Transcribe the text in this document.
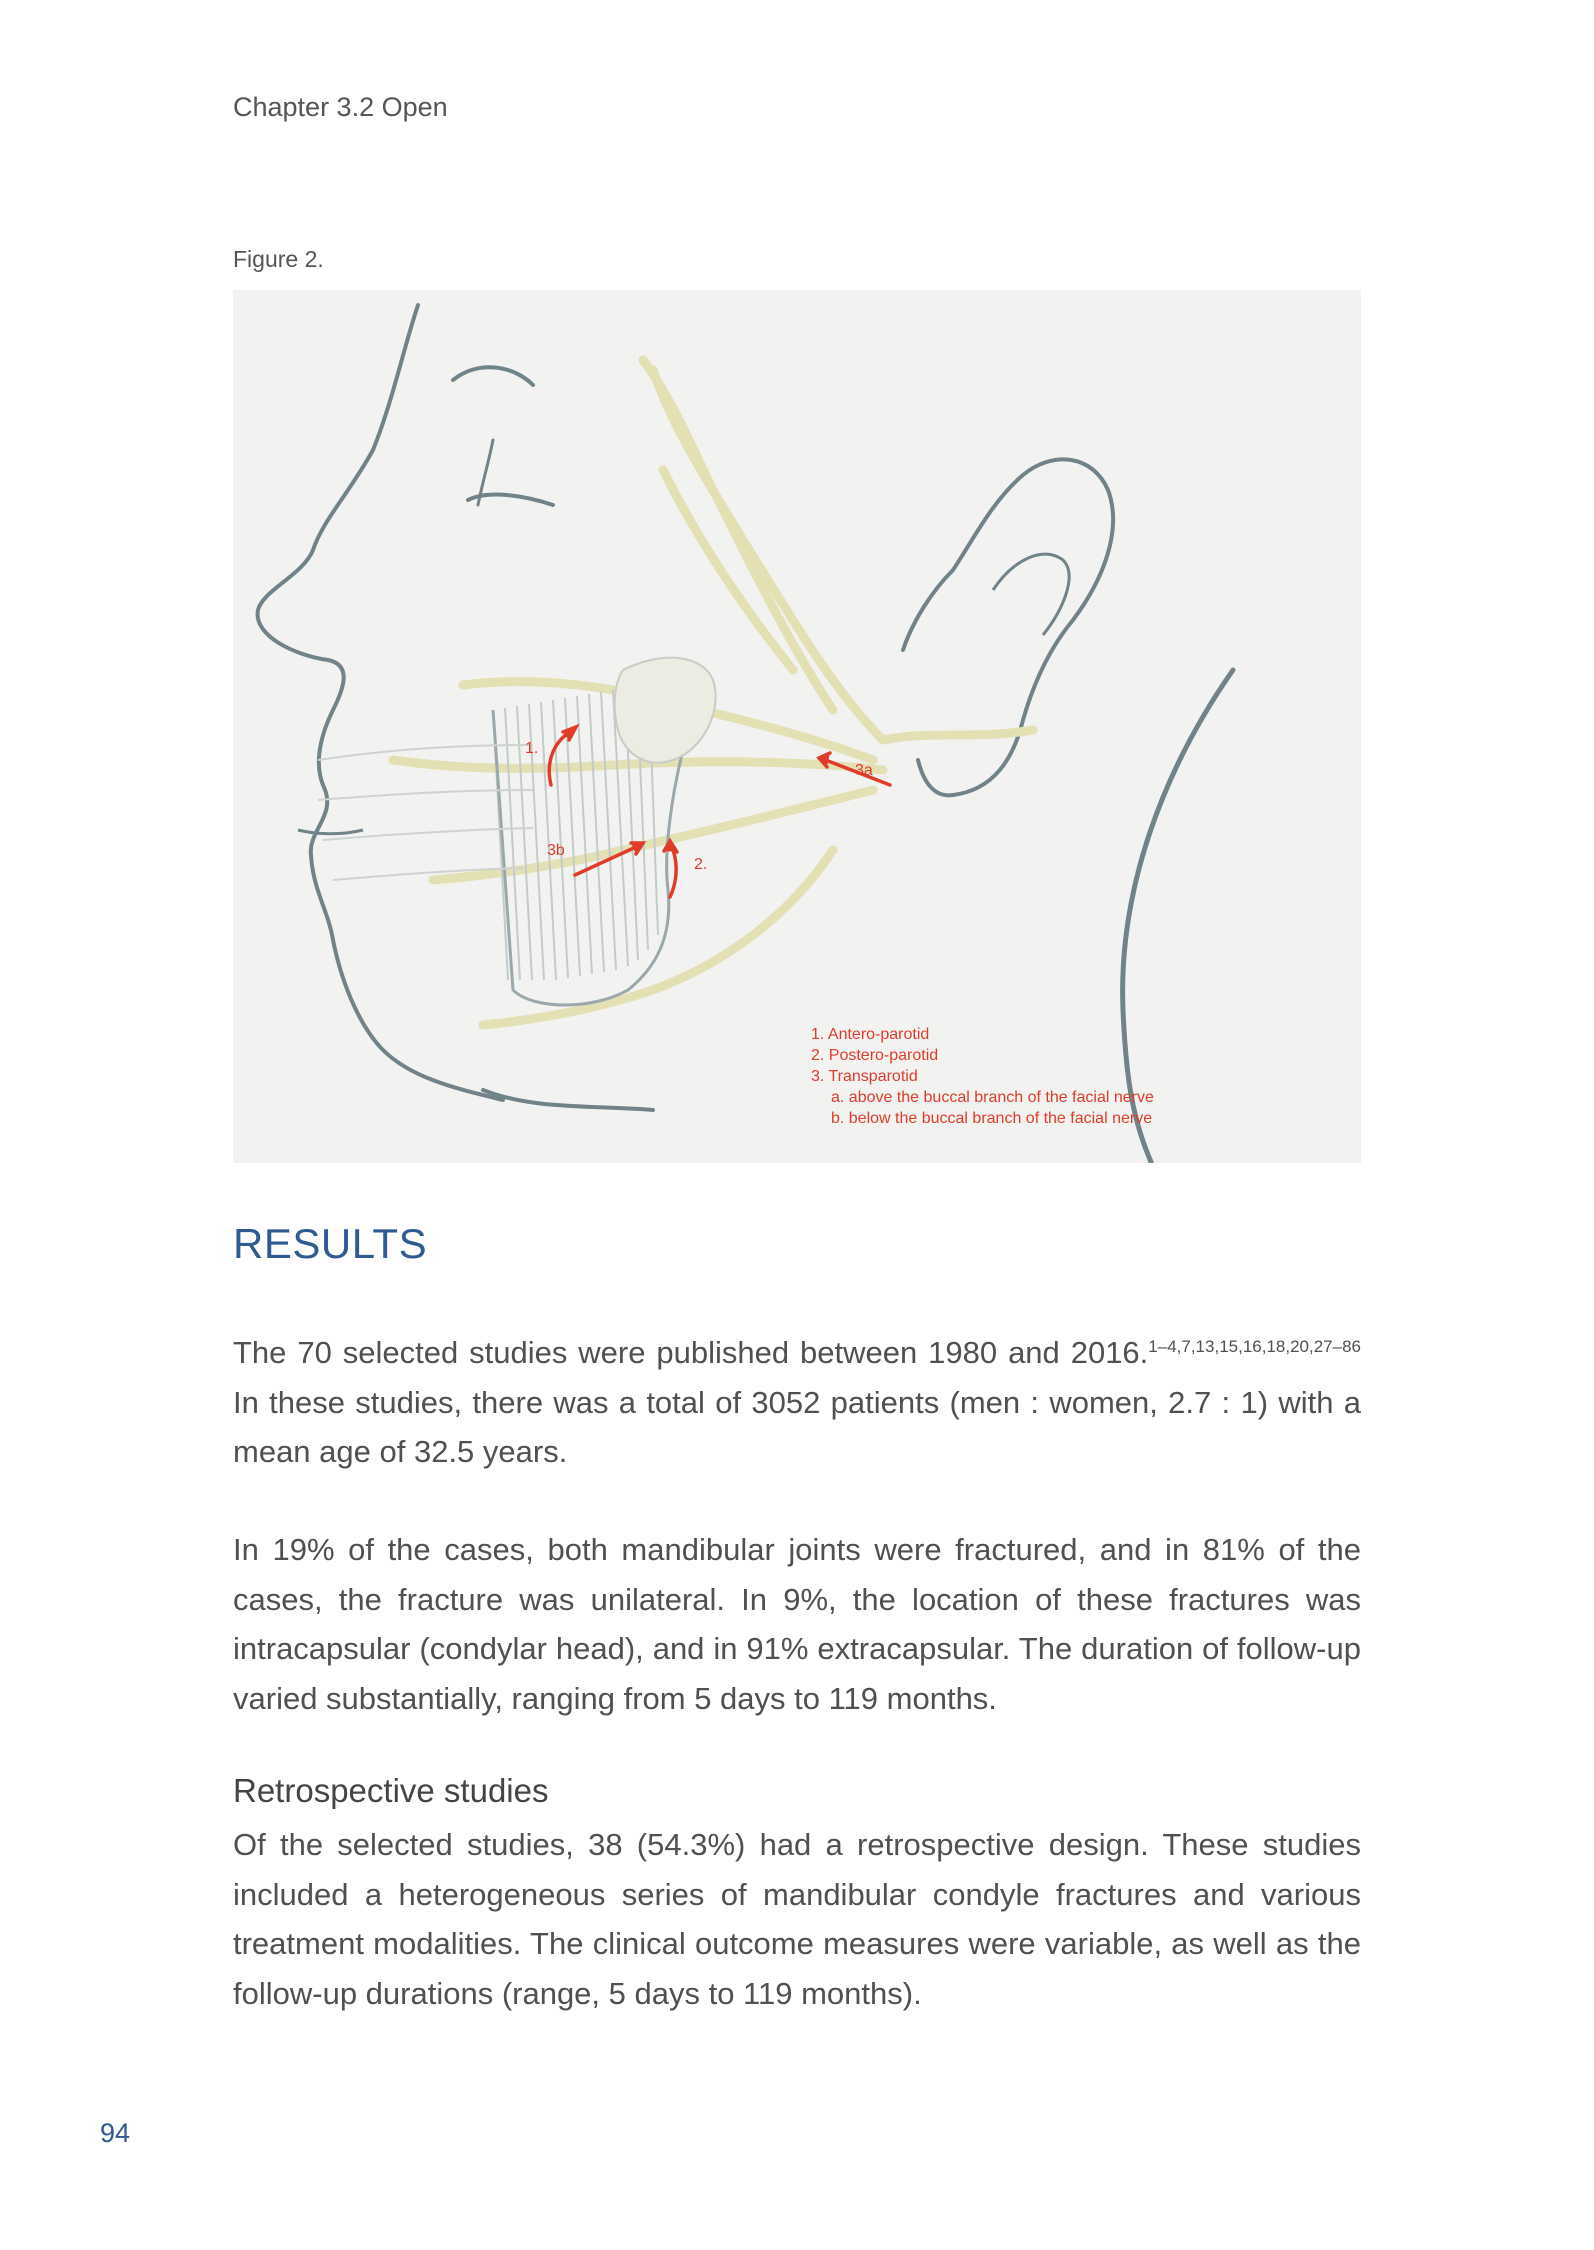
Chapter 3.2 Open
Figure 2.
1.
3a
3b
2.
1. Antero-parotid
2. Postero-parotid
3. Transparotid
a. above the buccal branch of the facial nerve
b. below the buccal branch of the facial nerve
RESULTS

The 70 selected studies were published between 1980 and 2016.$^{1-4,7,13,15,16,18,20,27-86}$ In these studies, there was a total of 3052 patients (men : women, 2.7 : 1) with a mean age of 32.5 years.

In 19% of the cases, both mandibular joints were fractured, and in 81% of the cases, the fracture was unilateral. In 9%, the location of these fractures was intracapsular (condylar head), and in 91% extracapsular. The duration of follow-up varied substantially, ranging from 5 days to 119 months.

Retrospective studies

Of the selected studies, 38 (54.3%) had a retrospective design. These studies included a heterogeneous series of mandibular condyle fractures and various treatment modalities. The clinical outcome measures were variable, as well as the follow-up durations (range, 5 days to 119 months).

94
